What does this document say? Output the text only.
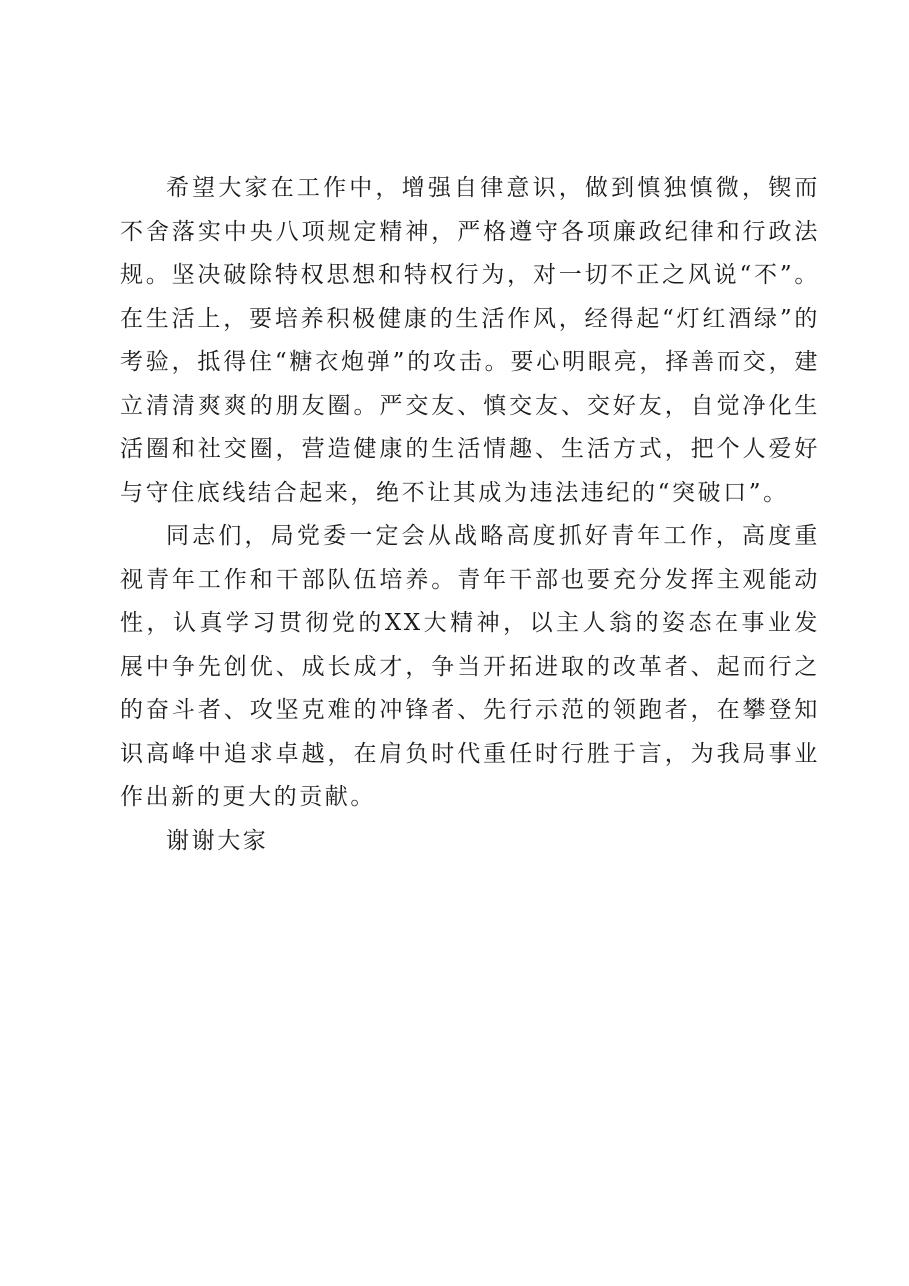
希望大家在工作中，增强自律意识，做到慎独慎微，锲而不舍落实中央八项规定精神，严格遵守各项廉政纪律和行政法规。坚决破除特权思想和特权行为，对一切不正之风说“不”。在生活上，要培养积极健康的生活作风，经得起“灯红酒绿”的考验，抵得住“糖衣炮弹”的攻击。要心明眼亮，择善而交，建立清清爽爽的朋友圈。严交友、慎交友、交好友，自觉净化生活圈和社交圈，营造健康的生活情趣、生活方式，把个人爱好与守住底线结合起来，绝不让其成为违法违纪的“突破口”。

同志们，局党委一定会从战略高度抓好青年工作，高度重视青年工作和干部队伍培养。青年干部也要充分发挥主观能动性，认真学习贯彻党的XX大精神，以主人翁的姿态在事业发展中争先创优、成长成才，争当开拓进取的改革者、起而行之的奋斗者、攻坚克难的冲锋者、先行示范的领跑者，在攀登知识高峰中追求卓越，在肩负时代重任时行胜于言，为我局事业作出新的更大的贡献。

谢谢大家
